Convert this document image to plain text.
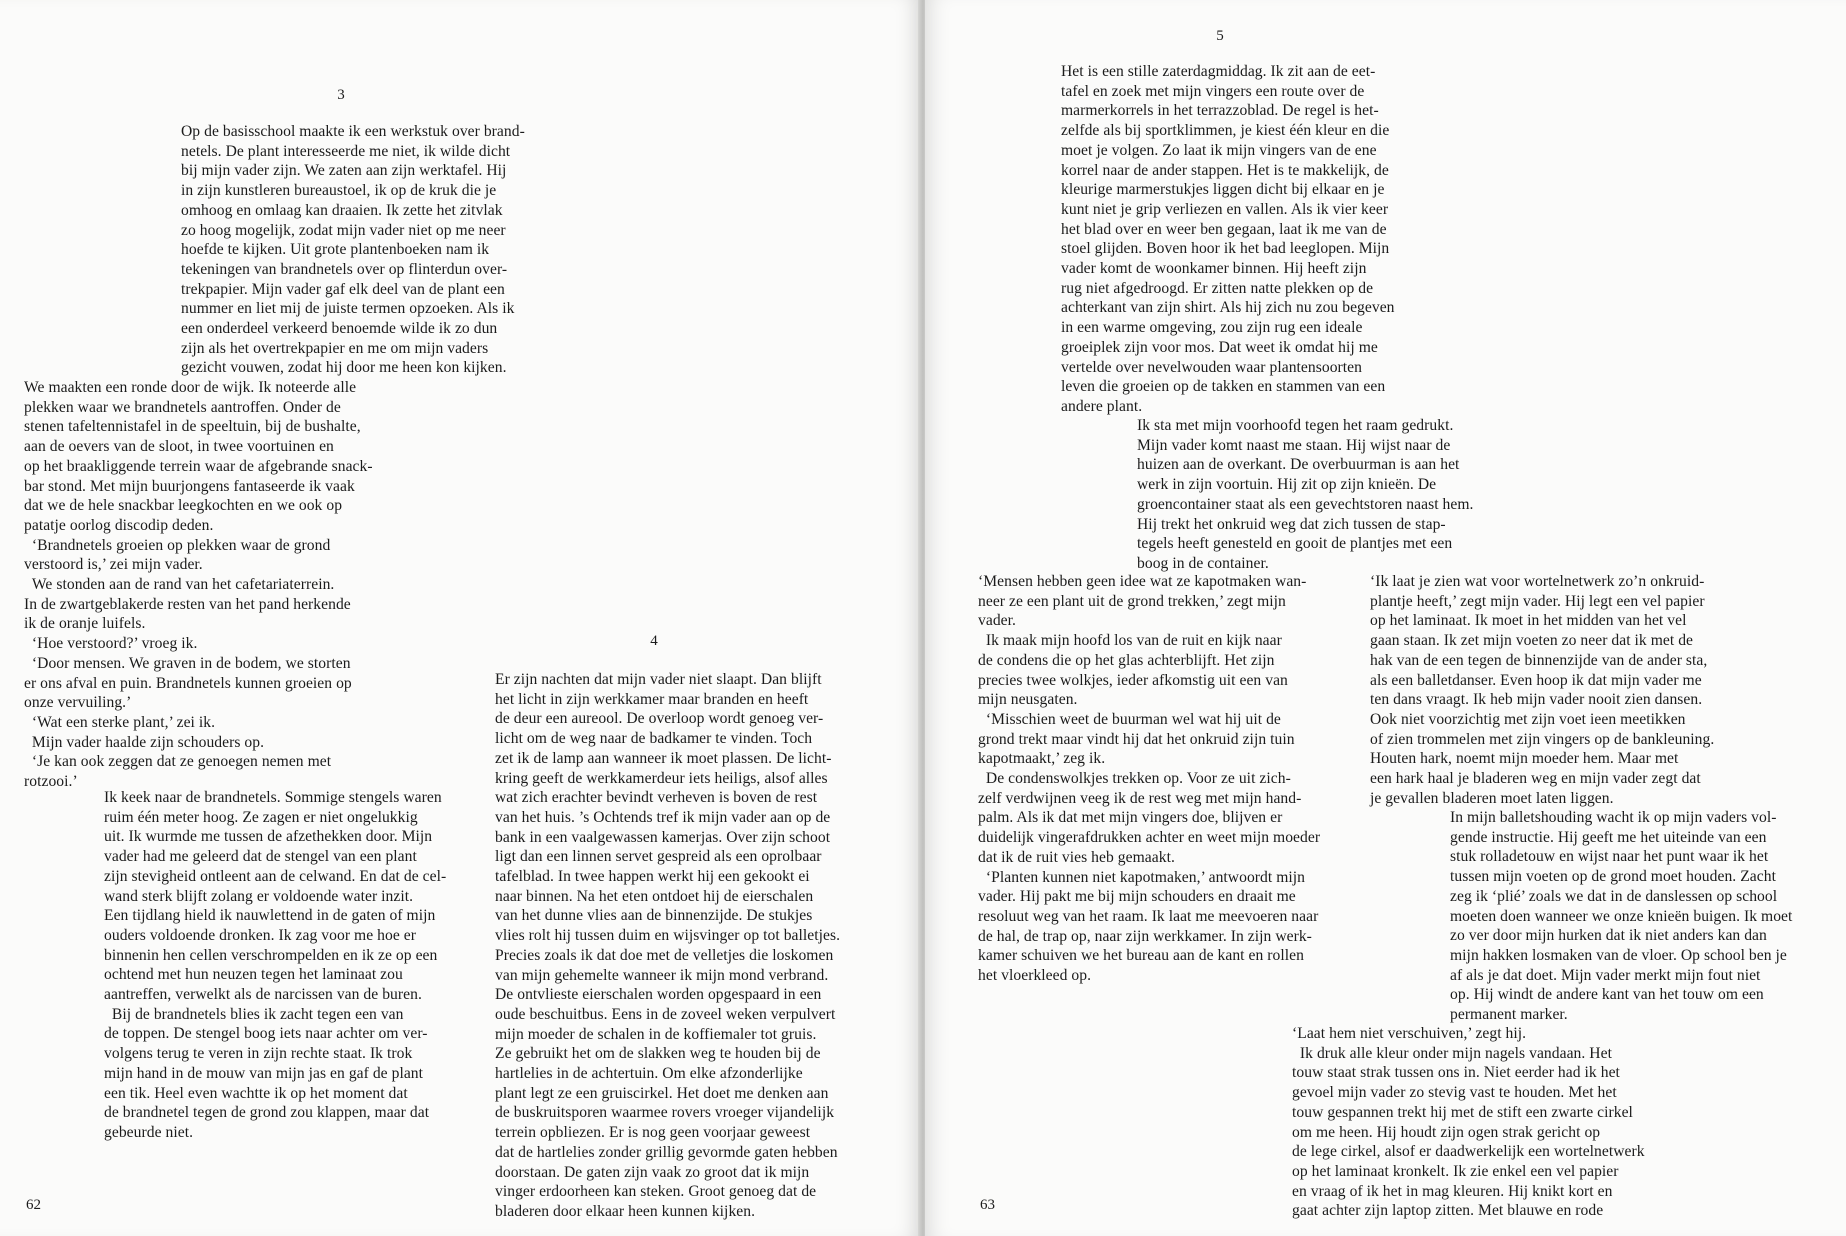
3

Op de basisschool maakte ik een werkstuk over brand-
netels. De plant interesseerde me niet, ik wilde dicht
bij mijn vader zijn. We zaten aan zijn werktafel. Hij
in zijn kunstleren bureaustoel, ik op de kruk die je
omhoog en omlaag kan draaien. Ik zette het zitvlak
zo hoog mogelijk, zodat mijn vader niet op me neer
hoefde te kijken. Uit grote plantenboeken nam ik
tekeningen van brandnetels over op flinterdun over-
trekpapier. Mijn vader gaf elk deel van de plant een
nummer en liet mij de juiste termen opzoeken. Als ik
een onderdeel verkeerd benoemde wilde ik zo dun
zijn als het overtrekpapier en me om mijn vaders
gezicht vouwen, zodat hij door me heen kon kijken.

We maakten een ronde door de wijk. Ik noteerde alle
plekken waar we brandnetels aantroffen. Onder de
stenen tafeltennistafel in de speeltuin, bij de bushalte,
aan de oevers van de sloot, in twee voortuinen en
op het braakliggende terrein waar de afgebrande snack-
bar stond. Met mijn buurjongens fantaseerde ik vaak
dat we de hele snackbar leegkochten en we ook op
patatje oorlog discodip deden.
‘Brandnetels groeien op plekken waar de grond
verstoord is,’ zei mijn vader.
We stonden aan de rand van het cafetariaterrein.
In de zwartgeblakerde resten van het pand herkende
ik de oranje luifels.
‘Hoe verstoord?’ vroeg ik.
‘Door mensen. We graven in de bodem, we storten
er ons afval en puin. Brandnetels kunnen groeien op
onze vervuiling.’
‘Wat een sterke plant,’ zei ik.
Mijn vader haalde zijn schouders op.
‘Je kan ook zeggen dat ze genoegen nemen met
rotzooi.’

Ik keek naar de brandnetels. Sommige stengels waren
ruim één meter hoog. Ze zagen er niet ongelukkig
uit. Ik wurmde me tussen de afzethekken door. Mijn
vader had me geleerd dat de stengel van een plant
zijn stevigheid ontleent aan de celwand. En dat de cel-
wand sterk blijft zolang er voldoende water inzit.
Een tijdlang hield ik nauwlettend in de gaten of mijn
ouders voldoende dronken. Ik zag voor me hoe er
binnenin hen cellen verschrompelden en ik ze op een
ochtend met hun neuzen tegen het laminaat zou
aantreffen, verwelkt als de narcissen van de buren.
Bij de brandnetels blies ik zacht tegen een van
de toppen. De stengel boog iets naar achter om ver-
volgens terug te veren in zijn rechte staat. Ik trok
mijn hand in de mouw van mijn jas en gaf de plant
een tik. Heel even wachtte ik op het moment dat
de brandnetel tegen de grond zou klappen, maar dat
gebeurde niet.

4

Er zijn nachten dat mijn vader niet slaapt. Dan blijft
het licht in zijn werkkamer maar branden en heeft
de deur een aureool. De overloop wordt genoeg ver-
licht om de weg naar de badkamer te vinden. Toch
zet ik de lamp aan wanneer ik moet plassen. De licht-
kring geeft de werkkamerdeur iets heiligs, alsof alles
wat zich erachter bevindt verheven is boven de rest
van het huis. ’s Ochtends tref ik mijn vader aan op de
bank in een vaalgewassen kamerjas. Over zijn schoot
ligt dan een linnen servet gespreid als een oprolbaar
tafelblad. In twee happen werkt hij een gekookt ei
naar binnen. Na het eten ontdoet hij de eierschalen
van het dunne vlies aan de binnenzijde. De stukjes
vlies rolt hij tussen duim en wijsvinger op tot balletjes.
Precies zoals ik dat doe met de velletjes die loskomen
van mijn gehemelte wanneer ik mijn mond verbrand.
De ontvlieste eierschalen worden opgespaard in een
oude beschuitbus. Eens in de zoveel weken verpulvert
mijn moeder de schalen in de koffiemaler tot gruis.
Ze gebruikt het om de slakken weg te houden bij de
hartlelies in de achtertuin. Om elke afzonderlijke
plant legt ze een gruiscirkel. Het doet me denken aan
de buskruitsporen waarmee rovers vroeger vijandelijk
terrein opbliezen. Er is nog geen voorjaar geweest
dat de hartlelies zonder grillig gevormde gaten hebben
doorstaan. De gaten zijn vaak zo groot dat ik mijn
vinger erdoorheen kan steken. Groot genoeg dat de
bladeren door elkaar heen kunnen kijken.

62
5

Het is een stille zaterdagmiddag. Ik zit aan de eet-
tafel en zoek met mijn vingers een route over de
marmerkorrels in het terrazzoblad. De regel is het-
zelfde als bij sportklimmen, je kiest één kleur en die
moet je volgen. Zo laat ik mijn vingers van de ene
korrel naar de ander stappen. Het is te makkelijk, de
kleurige marmerstukjes liggen dicht bij elkaar en je
kunt niet je grip verliezen en vallen. Als ik vier keer
het blad over en weer ben gegaan, laat ik me van de
stoel glijden. Boven hoor ik het bad leeglopen. Mijn
vader komt de woonkamer binnen. Hij heeft zijn
rug niet afgedroogd. Er zitten natte plekken op de
achterkant van zijn shirt. Als hij zich nu zou begeven
in een warme omgeving, zou zijn rug een ideale
groeiplek zijn voor mos. Dat weet ik omdat hij me
vertelde over nevelwouden waar plantensoorten
leven die groeien op de takken en stammen van een
andere plant.

Ik sta met mijn voorhoofd tegen het raam gedrukt.
Mijn vader komt naast me staan. Hij wijst naar de
huizen aan de overkant. De overbuurman is aan het
werk in zijn voortuin. Hij zit op zijn knieën. De
groencontainer staat als een gevechtstoren naast hem.
Hij trekt het onkruid weg dat zich tussen de stap-
tegels heeft genesteld en gooit de plantjes met een
boog in de container.

‘Mensen hebben geen idee wat ze kapotmaken wan-
neer ze een plant uit de grond trekken,’ zegt mijn
vader.
Ik maak mijn hoofd los van de ruit en kijk naar
de condens die op het glas achterblijft. Het zijn
precies twee wolkjes, ieder afkomstig uit een van
mijn neusgaten.
‘Misschien weet de buurman wel wat hij uit de
grond trekt maar vindt hij dat het onkruid zijn tuin
kapotmaakt,’ zeg ik.
De condenswolkjes trekken op. Voor ze uit zich-
zelf verdwijnen veeg ik de rest weg met mijn hand-
palm. Als ik dat met mijn vingers doe, blijven er
duidelijk vingerafdrukken achter en weet mijn moeder
dat ik de ruit vies heb gemaakt.
‘Planten kunnen niet kapotmaken,’ antwoordt mijn
vader. Hij pakt me bij mijn schouders en draait me
resoluut weg van het raam. Ik laat me meevoeren naar
de hal, de trap op, naar zijn werkkamer. In zijn werk-
kamer schuiven we het bureau aan de kant en rollen
het vloerkleed op.

‘Ik laat je zien wat voor wortelnetwerk zo’n onkruid-
plantje heeft,’ zegt mijn vader. Hij legt een vel papier
op het laminaat. Ik moet in het midden van het vel
gaan staan. Ik zet mijn voeten zo neer dat ik met de
hak van de een tegen de binnenzijde van de ander sta,
als een balletdanser. Even hoop ik dat mijn vader me
ten dans vraagt. Ik heb mijn vader nooit zien dansen.
Ook niet voorzichtig met zijn voet ieen meetikken
of zien trommelen met zijn vingers op de bankleuning.
Houten hark, noemt mijn moeder hem. Maar met
een hark haal je bladeren weg en mijn vader zegt dat
je gevallen bladeren moet laten liggen.

In mijn balletshouding wacht ik op mijn vaders vol-
gende instructie. Hij geeft me het uiteinde van een
stuk rolladetouw en wijst naar het punt waar ik het
tussen mijn voeten op de grond moet houden. Zacht
zeg ik ‘plié’ zoals we dat in de danslessen op school
moeten doen wanneer we onze knieën buigen. Ik moet
zo ver door mijn hurken dat ik niet anders kan dan
mijn hakken losmaken van de vloer. Op school ben je
af als je dat doet. Mijn vader merkt mijn fout niet
op. Hij windt de andere kant van het touw om een
permanent marker.

‘Laat hem niet verschuiven,’ zegt hij.
Ik druk alle kleur onder mijn nagels vandaan. Het
touw staat strak tussen ons in. Niet eerder had ik het
gevoel mijn vader zo stevig vast te houden. Met het
touw gespannen trekt hij met de stift een zwarte cirkel
om me heen. Hij houdt zijn ogen strak gericht op
de lege cirkel, alsof er daadwerkelijk een wortelnetwerk
op het laminaat kronkelt. Ik zie enkel een vel papier
en vraag of ik het in mag kleuren. Hij knikt kort en
gaat achter zijn laptop zitten. Met blauwe en rode

63
